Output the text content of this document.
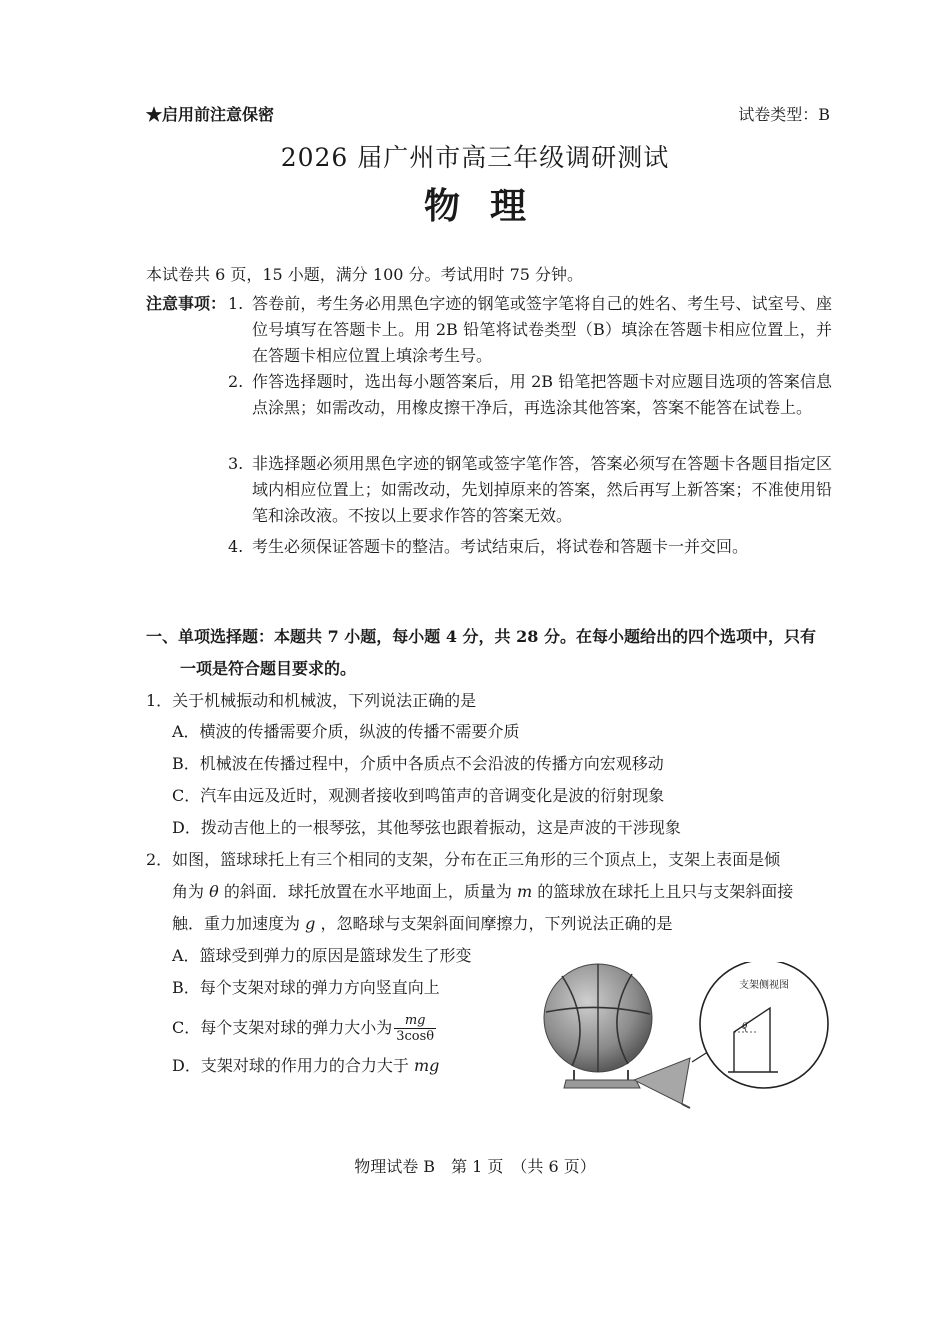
★启用前注意保密	试卷类型：B
2026 届广州市高三年级调研测试
物理
本试卷共 6 页，15 小题，满分 100 分。考试用时 75 分钟。
注意事项： 1. 答卷前，考生务必用黑色字迹的钢笔或签字笔将自己的姓名、考生号、试室号、座位号填写在答题卡上。用 2B 铅笔将试卷类型（B）填涂在答题卡相应位置上，并在答题卡相应位置上填涂考生号。
2. 作答选择题时，选出每小题答案后，用 2B 铅笔把答题卡对应题目选项的答案信息点涂黑；如需改动，用橡皮擦干净后，再选涂其他答案，答案不能答在试卷上。
3. 非选择题必须用黑色字迹的钢笔或签字笔作答，答案必须写在答题卡各题目指定区域内相应位置上；如需改动，先划掉原来的答案，然后再写上新答案；不准使用铅笔和涂改液。不按以上要求作答的答案无效。
4. 考生必须保证答题卡的整洁。考试结束后，将试卷和答题卡一并交回。
一、单项选择题：本题共 7 小题，每小题 4 分，共 28 分。在每小题给出的四个选项中，只有
一项是符合题目要求的。
1．关于机械振动和机械波，下列说法正确的是
A．横波的传播需要介质，纵波的传播不需要介质
B．机械波在传播过程中，介质中各质点不会沿波的传播方向宏观移动
C．汽车由远及近时，观测者接收到鸣笛声的音调变化是波的衍射现象
D．拨动吉他上的一根琴弦，其他琴弦也跟着振动，这是声波的干涉现象
2．如图，篮球球托上有三个相同的支架，分布在正三角形的三个顶点上，支架上表面是倾
角为 θ 的斜面．球托放置在水平地面上，质量为 m 的篮球放在球托上且只与支架斜面接
触．重力加速度为 g ，忽略球与支架斜面间摩擦力，下列说法正确的是
A．篮球受到弹力的原因是篮球发生了形变
B．每个支架对球的弹力方向竖直向上
C．每个支架对球的弹力大小为 $\frac{mg}{3\cos\theta}$
D．支架对球的作用力的合力大于 mg
支架侧视图
θ
物理试卷 B　第 1 页　（共 6 页）
